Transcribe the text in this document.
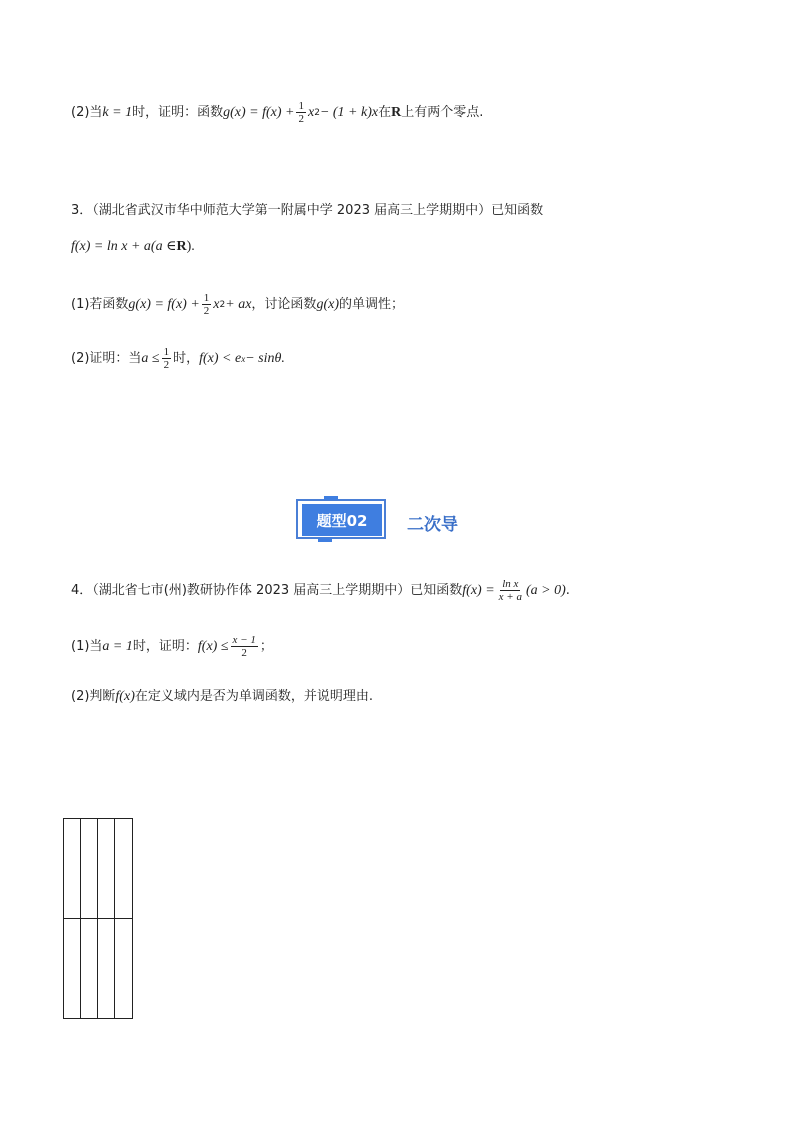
(2)当 k = 1 时，证明：函数 $g(x) = f(x) + \frac{1}{2}$ x 2 − (1 + k)x 在 R 上有两个零点.
3．（湖北省武汉市华中师范大学第一附属中学 2023 届高三上学期期中）已知函数
f(x) = ln x + a(a ∈ R ).
(1)若函数 $g(x) = f(x) + \frac{1}{2}$ x 2 + ax ，讨论函数 g(x) 的单调性；
(2)证明：当 $a \le \frac{1}{2}$ 时， f(x) < e x − sinθ.
题型02	二次导
4．（湖北省七市(州)教研协作体 2023 届高三上学期期中）已知函数 $f(x) = \frac{\text{ln x}}{x + a} (a > 0)$ .
(1)当 a = 1 时，证明： $f(x) \le \frac{x - 1}{2}$ ；
(2)判断 f(x) 在定义域内是否为单调函数，并说明理由.
